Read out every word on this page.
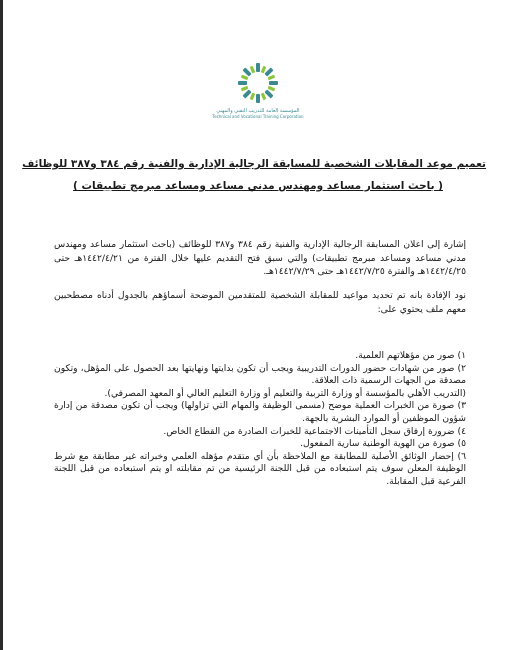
المؤسسة العامة للتدريب التقني والمهني
Technical and Vocational Training Corporation
تعميم موعد المقابلات الشخصية للمسابقة الرجالية الإدارية والفنية رقم ٣٨٤ و٣٨٧ للوظائف
( باحث استثمار مساعد ومهندس مدني مساعد ومساعد مبرمج تطبيقات )
إشارة إلى اعلان المسابقة الرجالية الإدارية والفنية رقم ٣٨٤ و٣٨٧ للوظائف (باحث استثمار مساعد ومهندس مدني مساعد ومساعد مبرمج تطبيقات) والتي سبق فتح التقديم عليها خلال الفترة من ١٤٤٢/٤/٢١هـ حتى ١٤٤٢/٤/٢٥هـ والفترة ١٤٤٢/٧/٢٥هـ حتى ١٤٤٢/٧/٢٩هـ.
نود الإفادة بانه تم تحديد مواعيد للمقابلة الشخصية للمتقدمين الموضحة أسماؤهم بالجدول أدناه مصطحبين معهم ملف يحتوي على:
١) صور من مؤهلاتهم العلمية.
٢) صور من شهادات حضور الدورات التدريبية ويجب أن تكون بدايتها ونهايتها بعد الحصول على المؤهل، وتكون مصدقة من الجهات الرسمية ذات العلاقة.
(التدريب الأهلي بالمؤسسة أو وزارة التربية والتعليم أو وزارة التعليم العالي أو المعهد المصرفي).
٣) صورة من الخبرات العملية موضح (مسمى الوظيفة والمهام التي تزاولها) ويجب أن تكون مصدقة من إدارة شؤون الموظفين أو الموارد البشرية بالجهة.
٤) ضرورة إرفاق سجل التأمينات الاجتماعية للخبرات الصادرة من القطاع الخاص.
٥) صورة من الهوية الوطنية سارية المفعول.
٦) إحضار الوثائق الأصلية للمطابقة مع الملاحظة بأن أي متقدم مؤهله العلمي وخبراته غير مطابقة مع شرط الوظيفة المعلن سوف يتم استبعاده من قبل اللجنة الرئيسية من تم مقابلته او يتم استبعاده من قبل اللجنة الفرعية قبل المقابلة.
